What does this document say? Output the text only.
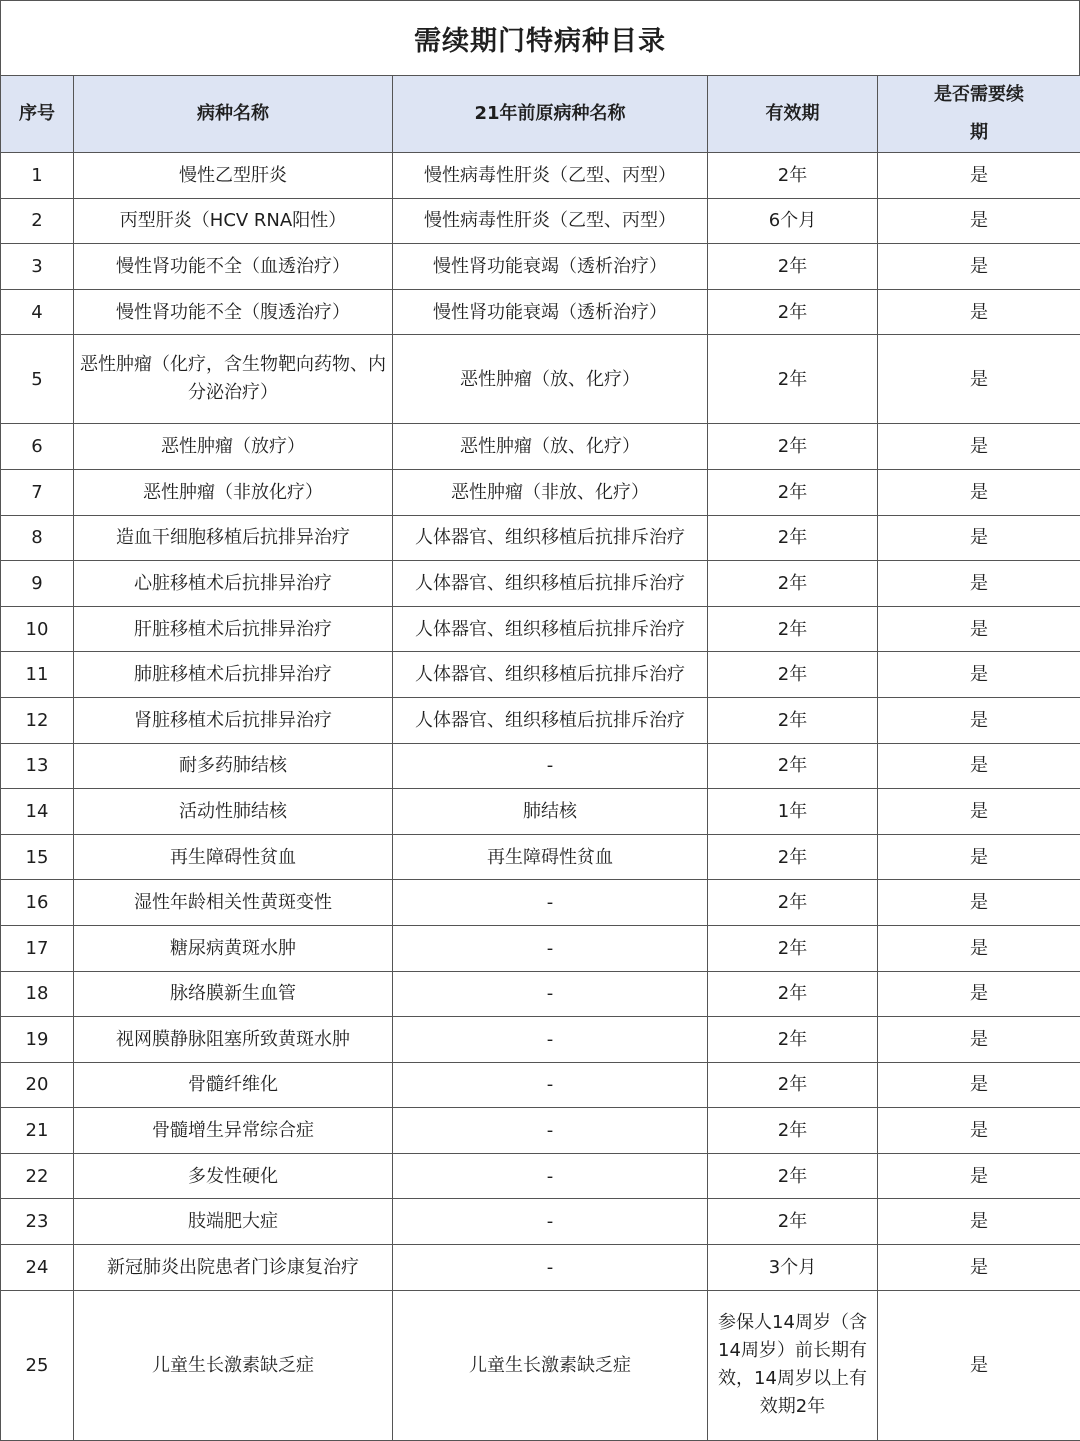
需续期门特病种目录
序号	病种名称	21年前原病种名称	有效期	是否需要续期
1	慢性乙型肝炎	慢性病毒性肝炎（乙型、丙型）	2年	是
2	丙型肝炎（HCV RNA阳性）	慢性病毒性肝炎（乙型、丙型）	6个月	是
3	慢性肾功能不全（血透治疗）	慢性肾功能衰竭（透析治疗）	2年	是
4	慢性肾功能不全（腹透治疗）	慢性肾功能衰竭（透析治疗）	2年	是
5	恶性肿瘤（化疗，含生物靶向药物、内分泌治疗）	恶性肿瘤（放、化疗）	2年	是
6	恶性肿瘤（放疗）	恶性肿瘤（放、化疗）	2年	是
7	恶性肿瘤（非放化疗）	恶性肿瘤（非放、化疗）	2年	是
8	造血干细胞移植后抗排异治疗	人体器官、组织移植后抗排斥治疗	2年	是
9	心脏移植术后抗排异治疗	人体器官、组织移植后抗排斥治疗	2年	是
10	肝脏移植术后抗排异治疗	人体器官、组织移植后抗排斥治疗	2年	是
11	肺脏移植术后抗排异治疗	人体器官、组织移植后抗排斥治疗	2年	是
12	肾脏移植术后抗排异治疗	人体器官、组织移植后抗排斥治疗	2年	是
13	耐多药肺结核	-	2年	是
14	活动性肺结核	肺结核	1年	是
15	再生障碍性贫血	再生障碍性贫血	2年	是
16	湿性年龄相关性黄斑变性	-	2年	是
17	糖尿病黄斑水肿	-	2年	是
18	脉络膜新生血管	-	2年	是
19	视网膜静脉阻塞所致黄斑水肿	-	2年	是
20	骨髓纤维化	-	2年	是
21	骨髓增生异常综合症	-	2年	是
22	多发性硬化	-	2年	是
23	肢端肥大症	-	2年	是
24	新冠肺炎出院患者门诊康复治疗	-	3个月	是
25	儿童生长激素缺乏症	儿童生长激素缺乏症	参保人14周岁（含14周岁）前长期有效，14周岁以上有效期2年	是
